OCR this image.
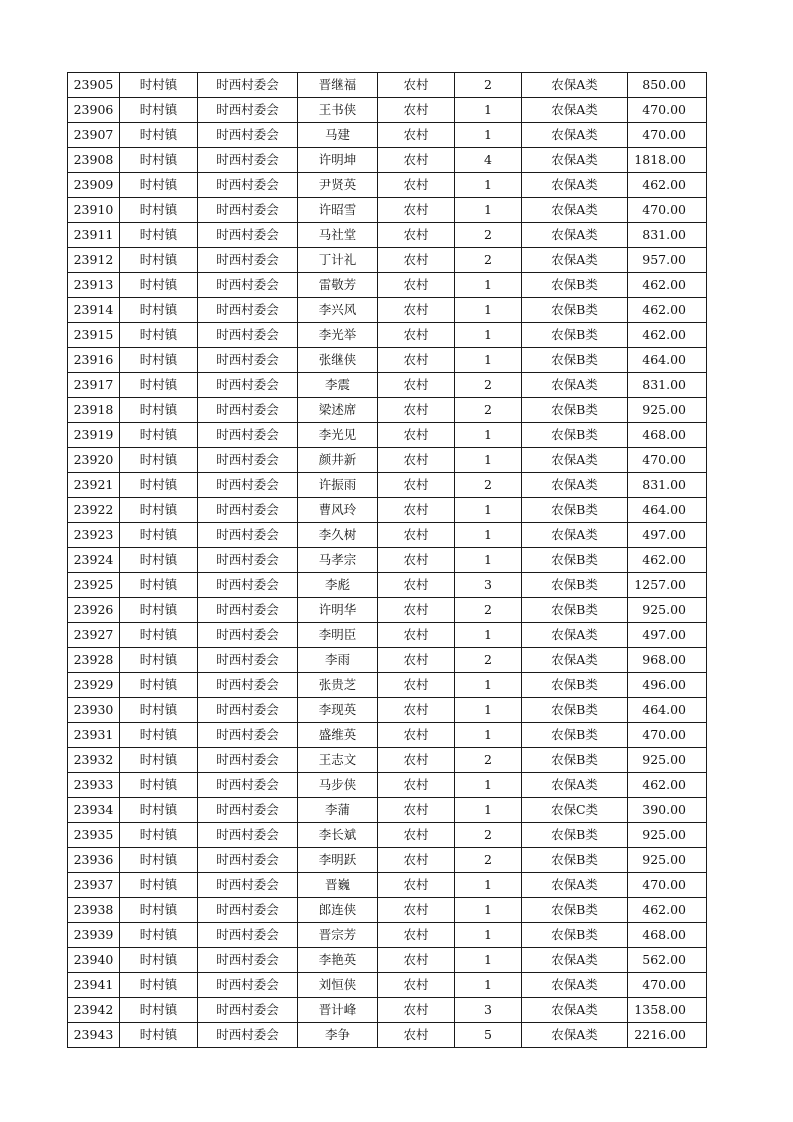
23905	时村镇	时西村委会	晋继福	农村	2	农保A类	850.00
23906	时村镇	时西村委会	王书侠	农村	1	农保A类	470.00
23907	时村镇	时西村委会	马建	农村	1	农保A类	470.00
23908	时村镇	时西村委会	许明坤	农村	4	农保A类	1818.00
23909	时村镇	时西村委会	尹贤英	农村	1	农保A类	462.00
23910	时村镇	时西村委会	许昭雪	农村	1	农保A类	470.00
23911	时村镇	时西村委会	马社堂	农村	2	农保A类	831.00
23912	时村镇	时西村委会	丁计礼	农村	2	农保A类	957.00
23913	时村镇	时西村委会	雷敬芳	农村	1	农保B类	462.00
23914	时村镇	时西村委会	李兴风	农村	1	农保B类	462.00
23915	时村镇	时西村委会	李光举	农村	1	农保B类	462.00
23916	时村镇	时西村委会	张继侠	农村	1	农保B类	464.00
23917	时村镇	时西村委会	李震	农村	2	农保A类	831.00
23918	时村镇	时西村委会	梁述席	农村	2	农保B类	925.00
23919	时村镇	时西村委会	李光见	农村	1	农保B类	468.00
23920	时村镇	时西村委会	颜井新	农村	1	农保A类	470.00
23921	时村镇	时西村委会	许振雨	农村	2	农保A类	831.00
23922	时村镇	时西村委会	曹风玲	农村	1	农保B类	464.00
23923	时村镇	时西村委会	李久树	农村	1	农保A类	497.00
23924	时村镇	时西村委会	马孝宗	农村	1	农保B类	462.00
23925	时村镇	时西村委会	李彪	农村	3	农保B类	1257.00
23926	时村镇	时西村委会	许明华	农村	2	农保B类	925.00
23927	时村镇	时西村委会	李明臣	农村	1	农保A类	497.00
23928	时村镇	时西村委会	李雨	农村	2	农保A类	968.00
23929	时村镇	时西村委会	张贵芝	农村	1	农保B类	496.00
23930	时村镇	时西村委会	李现英	农村	1	农保B类	464.00
23931	时村镇	时西村委会	盛维英	农村	1	农保B类	470.00
23932	时村镇	时西村委会	王志文	农村	2	农保B类	925.00
23933	时村镇	时西村委会	马步侠	农村	1	农保A类	462.00
23934	时村镇	时西村委会	李蒲	农村	1	农保C类	390.00
23935	时村镇	时西村委会	李长斌	农村	2	农保B类	925.00
23936	时村镇	时西村委会	李明跃	农村	2	农保B类	925.00
23937	时村镇	时西村委会	晋巍	农村	1	农保A类	470.00
23938	时村镇	时西村委会	郎连侠	农村	1	农保B类	462.00
23939	时村镇	时西村委会	晋宗芳	农村	1	农保B类	468.00
23940	时村镇	时西村委会	李艳英	农村	1	农保A类	562.00
23941	时村镇	时西村委会	刘恒侠	农村	1	农保A类	470.00
23942	时村镇	时西村委会	晋计峰	农村	3	农保A类	1358.00
23943	时村镇	时西村委会	李争	农村	5	农保A类	2216.00
